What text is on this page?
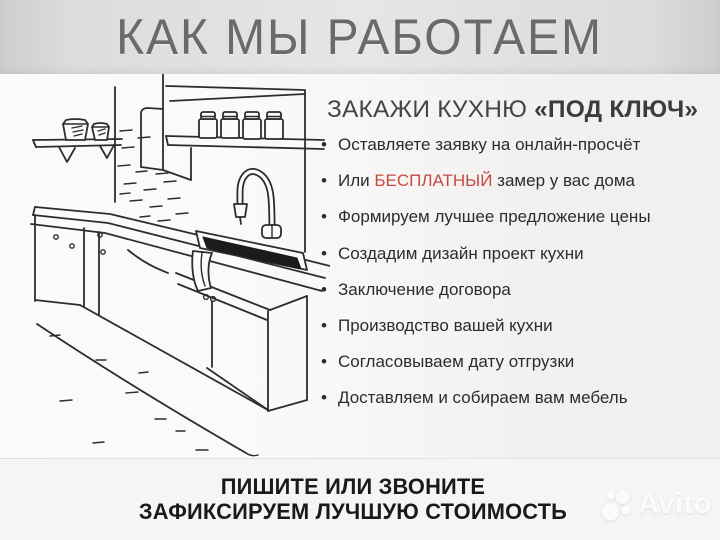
КАК МЫ РАБОТАЕМ
ЗАКАЖИ КУХНЮ «ПОД КЛЮЧ»
• Оставляете заявку на онлайн-просчёт
• Или БЕСПЛАТНЫЙ замер у вас дома
• Формируем лучшее предложение цены
• Создадим дизайн проект кухни
• Заключение договора
• Производство вашей кухни
• Согласовываем дату отгрузки
• Доставляем и собираем вам мебель
ПИШИТЕ ИЛИ ЗВОНИТЕ
ЗАФИКСИРУЕМ ЛУЧШУЮ СТОИМОСТЬ	Avito
